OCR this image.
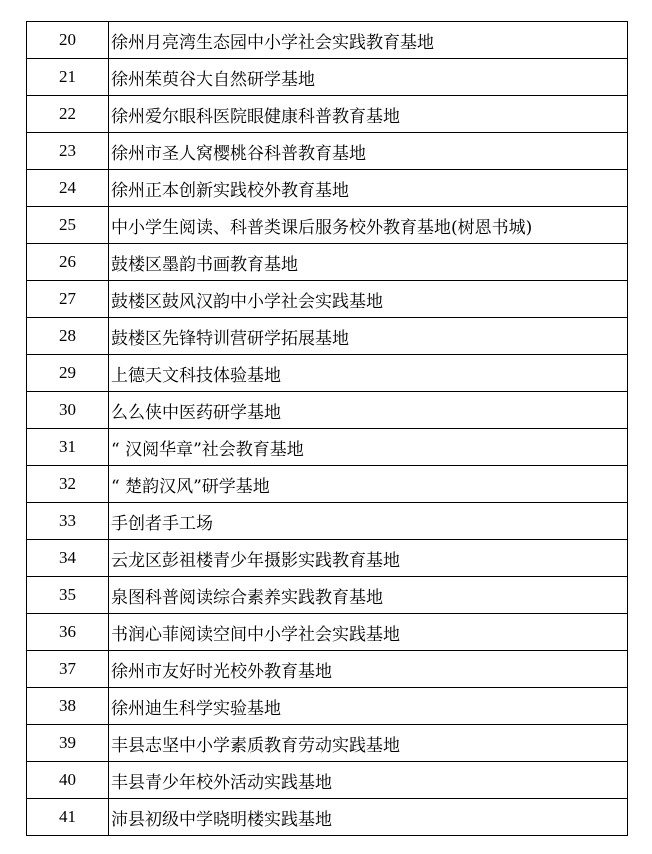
20	徐州月亮湾生态园中小学社会实践教育基地
21	徐州茱萸谷大自然研学基地
22	徐州爱尔眼科医院眼健康科普教育基地
23	徐州市圣人窝樱桃谷科普教育基地
24	徐州正本创新实践校外教育基地
25	中小学生阅读、科普类课后服务校外教育基地(树恩书城)
26	鼓楼区墨韵书画教育基地
27	鼓楼区鼓风汉韵中小学社会实践基地
28	鼓楼区先锋特训营研学拓展基地
29	上德天文科技体验基地
30	么么侠中医药研学基地
31	“ 汉阅华章”社会教育基地
32	“ 楚韵汉风”研学基地
33	手创者手工场
34	云龙区彭祖楼青少年摄影实践教育基地
35	泉图科普阅读综合素养实践教育基地
36	书润心菲阅读空间中小学社会实践基地
37	徐州市友好时光校外教育基地
38	徐州迪生科学实验基地
39	丰县志坚中小学素质教育劳动实践基地
40	丰县青少年校外活动实践基地
41	沛县初级中学晓明楼实践基地
